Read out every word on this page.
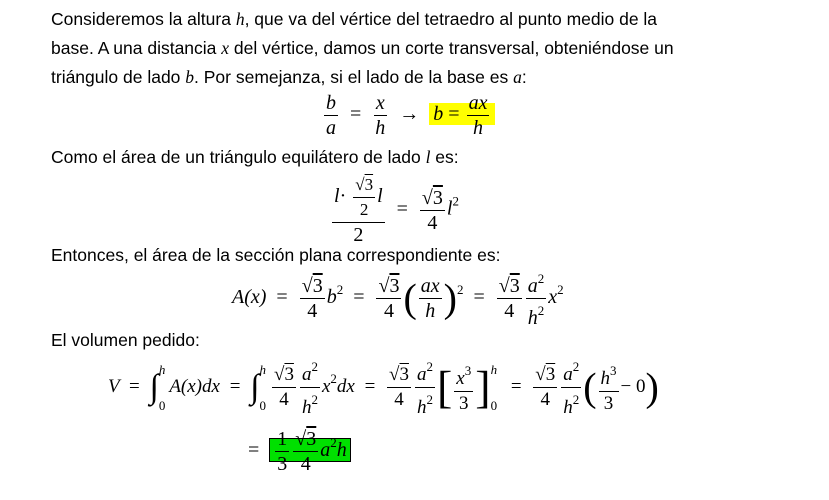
Consideremos la altura h, que va del vértice del tetraedro al punto medio de la
base. A una distancia x del vértice, damos un corte transversal, obteniéndose un
triángulo de lado b. Por semejanza, si el lado de la base es a:
$\frac{b}{a} = \frac{x}{h} \to b = \frac{ax}{h}$
Como el área de un triángulo equilátero de lado l es:
$\frac{l\cdot \frac{√3}{2} l}{2} = \frac{√3}{4} l^2$
Entonces, el área de la sección plana correspondiente es:
$A(x) = \frac{√3}{4} b^2 = \frac{√3}{4}$ ( $\frac{ax}{h} )^2 = \frac{√3}{4} \frac{a^2}{h^2} x^2$
El volumen pedido:
V = ∫ h
0
A(x)dx = ∫ h
$0 \frac{√3}{4} \frac{a^2}{h^2} x^2dx = \frac{√3}{4} \frac{a^2}{h^2}$ [ $\frac{x^3}{3}$ ] h
0
= $\frac{√3}{4} \frac{a^2}{h^2}$ ( $\frac{h^3}{3} - 0$)
= $\frac{1}{3} \frac{√3}{4} a^2h$
